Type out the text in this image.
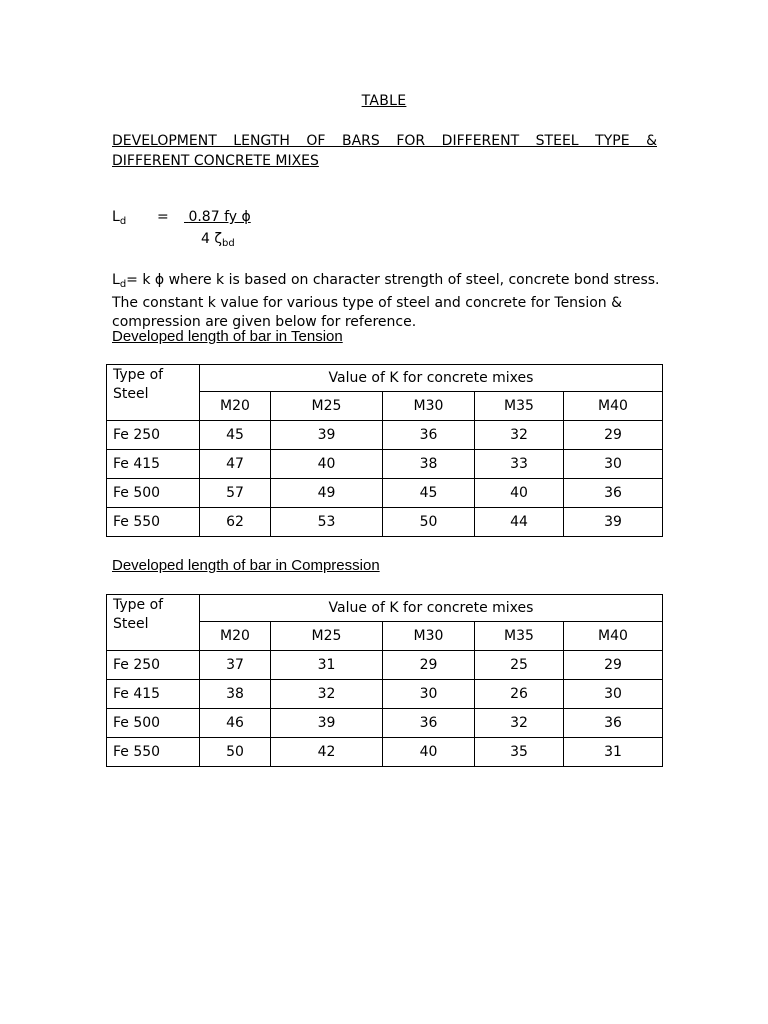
TABLE
DEVELOPMENT LENGTH OF BARS FOR DIFFERENT STEEL TYPE &
DIFFERENT CONCRETE MIXES
$L_d$ =	0.87 fy ɸ
4 $\zeta_{bd}$
$L_d= k$ ɸ where k is based on character strength of steel, concrete bond stress.
The constant k value for various type of steel and concrete for Tension &
compression are given below for reference.
Developed length of bar in Tension
Type of
Steel	Value of K for concrete mixes				
	M20	M25	M30	M35	M40
Fe 250	45	39	36	32	29
Fe 415	47	40	38	33	30
Fe 500	57	49	45	40	36
Fe 550	62	53	50	44	39
Developed length of bar in Compression
Type of
Steel	Value of K for concrete mixes				
	M20	M25	M30	M35	M40
Fe 250	37	31	29	25	29
Fe 415	38	32	30	26	30
Fe 500	46	39	36	32	36
Fe 550	50	42	40	35	31
